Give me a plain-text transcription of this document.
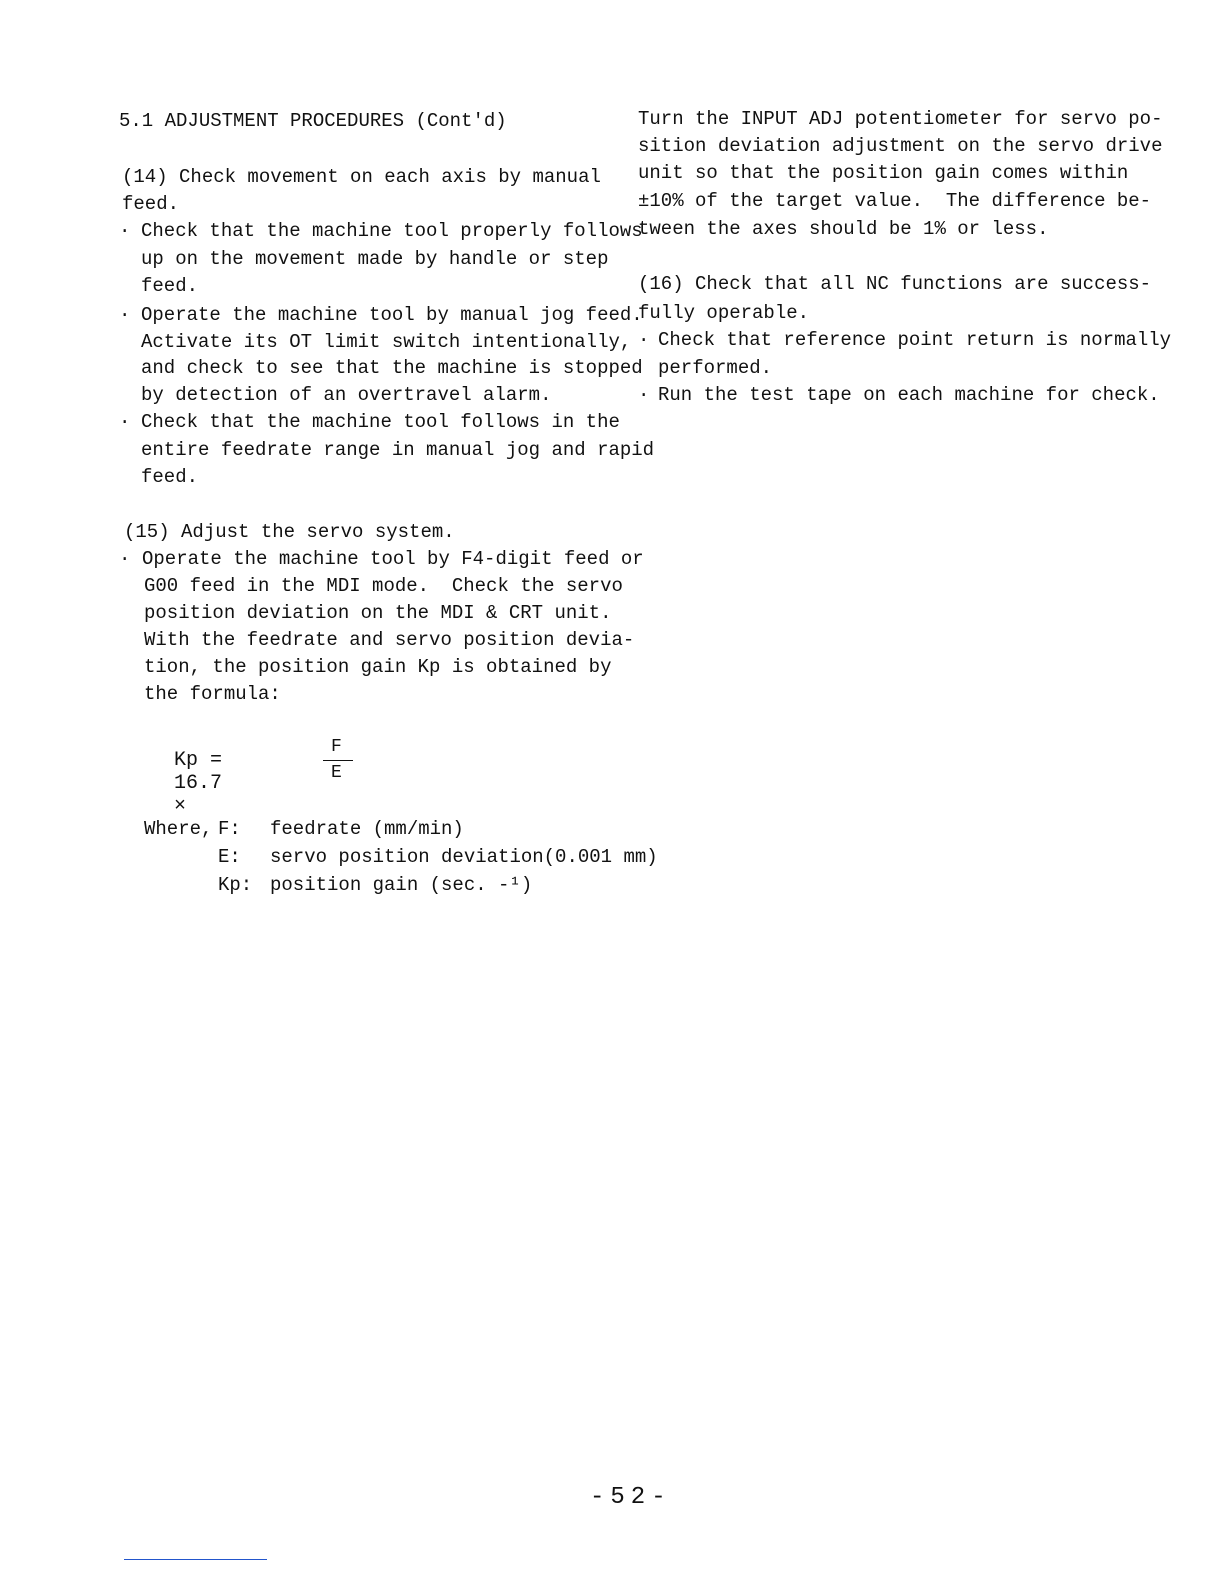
5.1 ADJUSTMENT PROCEDURES (Cont'd)
(14) Check movement on each axis by manual
feed.
· Check that the machine tool properly follows
up on the movement made by handle or step
feed.
· Operate the machine tool by manual jog feed.
Activate its OT limit switch intentionally,
and check to see that the machine is stopped
by detection of an overtravel alarm.
· Check that the machine tool follows in the
entire feedrate range in manual jog and rapid
feed.
(15) Adjust the servo system.
· Operate the machine tool by F4-digit feed or
G00 feed in the MDI mode.  Check the servo
position deviation on the MDI & CRT unit.
With the feedrate and servo position devia-
tion, the position gain Kp is obtained by
the formula:
Kp = 16.7 ×
F
E
Where, F: feedrate (mm/min)
E: servo position deviation(0.001 mm)
Kp: position gain (sec. -¹)
Turn the INPUT ADJ potentiometer for servo po-
sition deviation adjustment on the servo drive
unit so that the position gain comes within
±10% of the target value.  The difference be-
tween the axes should be 1% or less.
(16) Check that all NC functions are success-
fully operable.
· Check that reference point return is normally
performed.
· Run the test tape on each machine for check.
-52-
